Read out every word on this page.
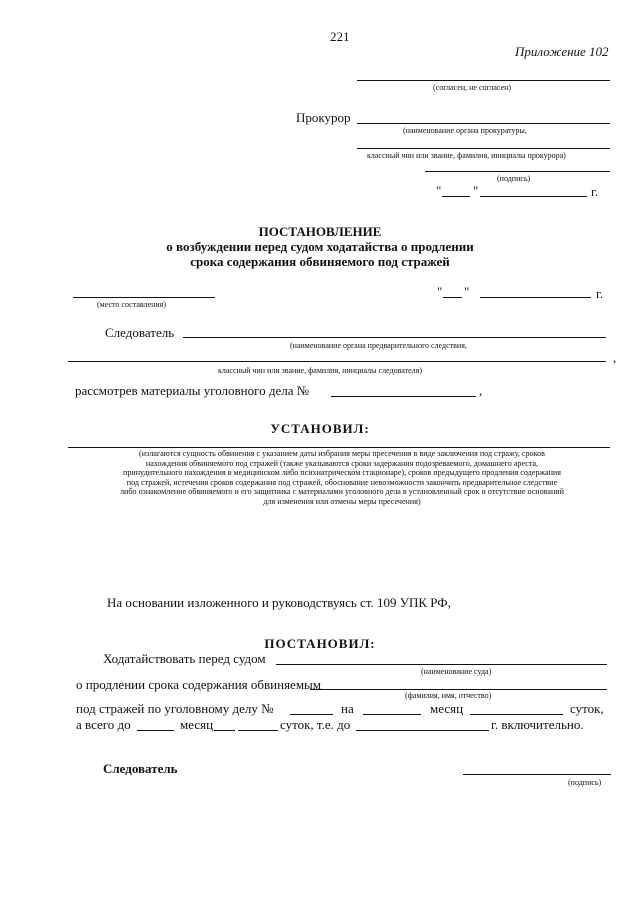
221
Приложение 102
(согласен, не согласен)
Прокурор
(наименование органа прокуратуры,
классный чин или звание, фамилия, инициалы прокурора)
(подпись)
" "	г.
ПОСТАНОВЛЕНИЕ
о возбуждении перед судом ходатайства о продлении
срока содержания обвиняемого под стражей
(место составления)
" "	г.
Следователь
(наименование органа предварительного следствия,
,
классный чин или звание, фамилия, инициалы следователя)
рассмотрев материалы уголовного дела №	,
УСТАНОВИЛ:
(излагаются сущность обвинения с указанием даты избрания меры пресечения в виде заключения под стражу, сроков
нахождения обвиняемого под стражей (также указываются сроки задержания подозреваемого, домашнего ареста,
принудительного нахождения в медицинском либо психиатрическом стационаре), сроков предыдущего продления содержания
под стражей, истечения сроков содержания под стражей, обоснование невозможности закончить предварительное следствие
либо ознакомление обвиняемого и его защитника с материалами уголовного дела в установленный срок и отсутствие оснований
для изменения или отмены меры пресечения)
На основании изложенного и руководствуясь ст. 109 УПК РФ,
ПОСТАНОВИЛ:
Ходатайствовать перед судом
(наименование суда)
о продлении срока содержания обвиняемым
(фамилия, имя, отчество)
под стражей по уголовному делу №	на	месяц	суток,
а всего до	месяц	суток, т.е. до	г. включительно.
Следователь
(подпись)
